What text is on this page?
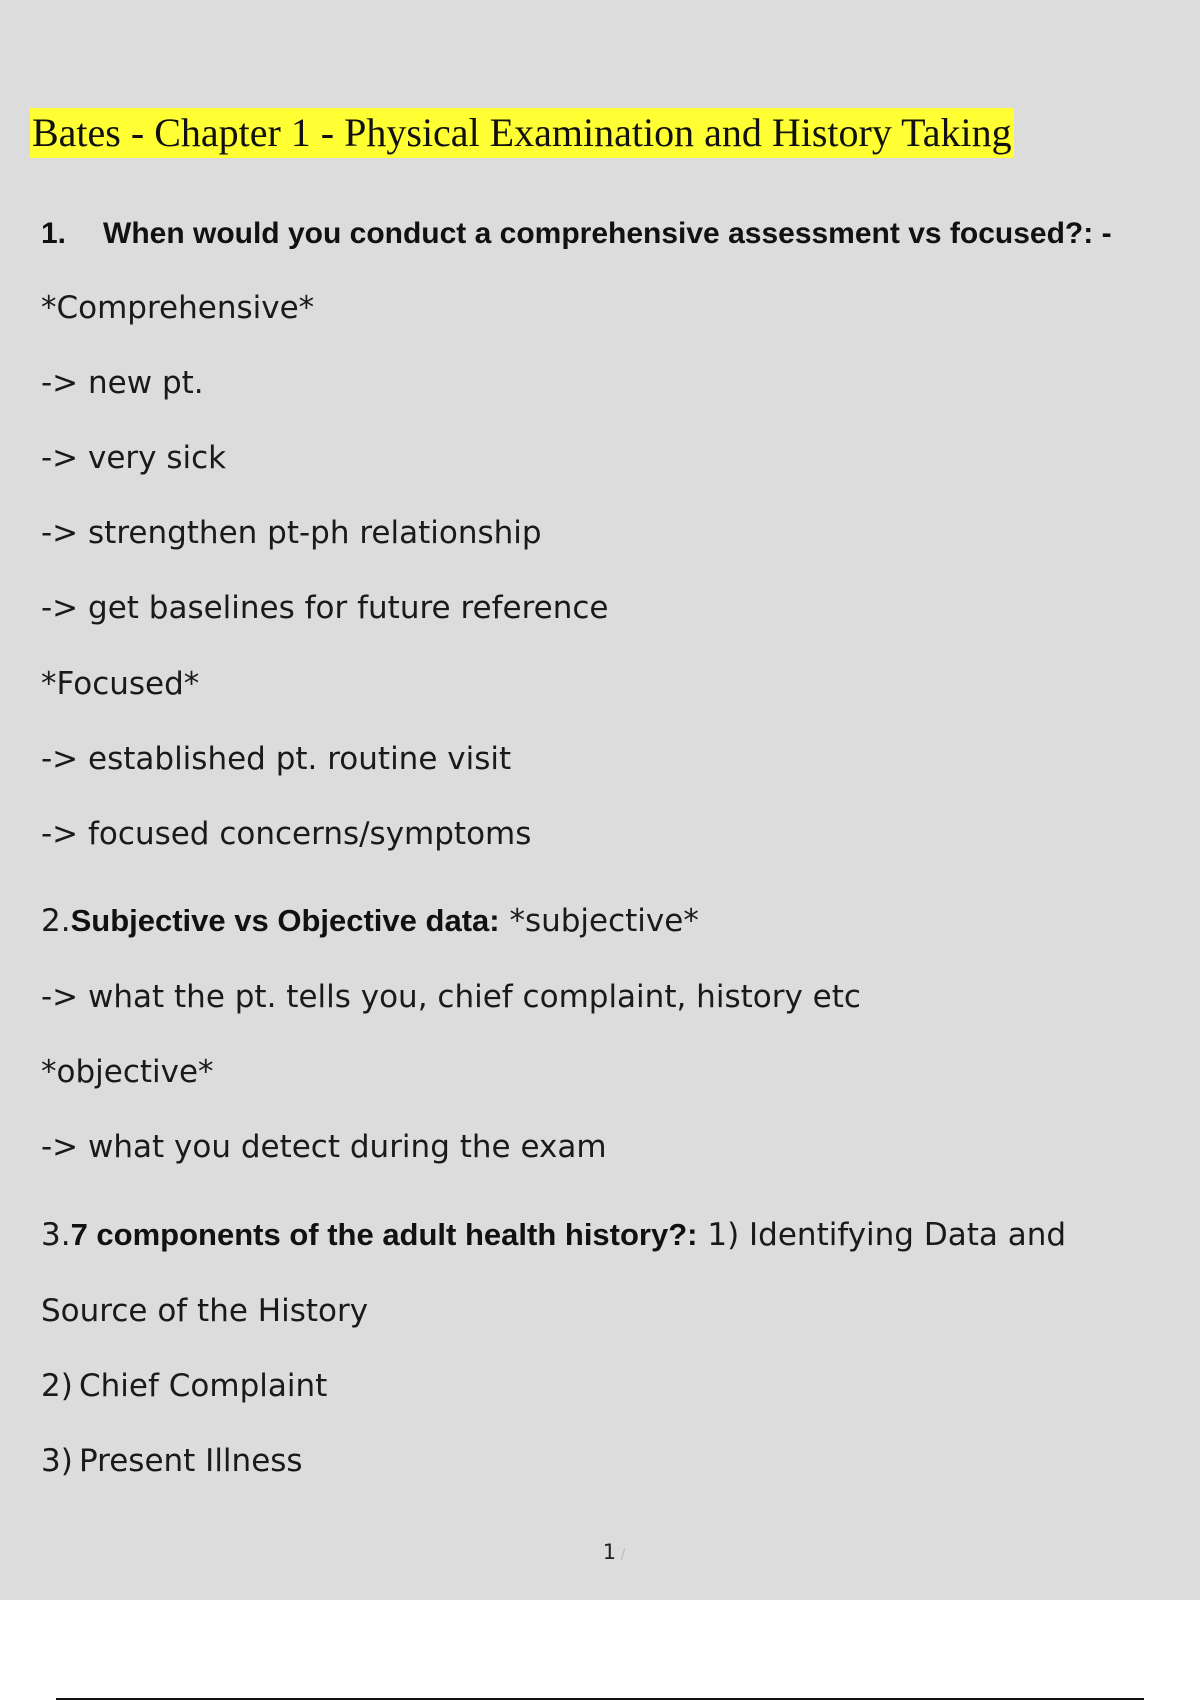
Bates - Chapter 1 - Physical Examination and History Taking
1. When would you conduct a comprehensive assessment vs focused?: -
*Comprehensive*
-> new pt.
-> very sick
-> strengthen pt-ph relationship
-> get baselines for future reference
*Focused*
-> established pt. routine visit
-> focused concerns/symptoms
2.Subjective vs Objective data: *subjective*
-> what the pt. tells you, chief complaint, history etc
*objective*
-> what you detect during the exam
3.7 components of the adult health history?: 1) Identifying Data and
Source of the History
2) Chief Complaint
3) Present Illness
1 /
